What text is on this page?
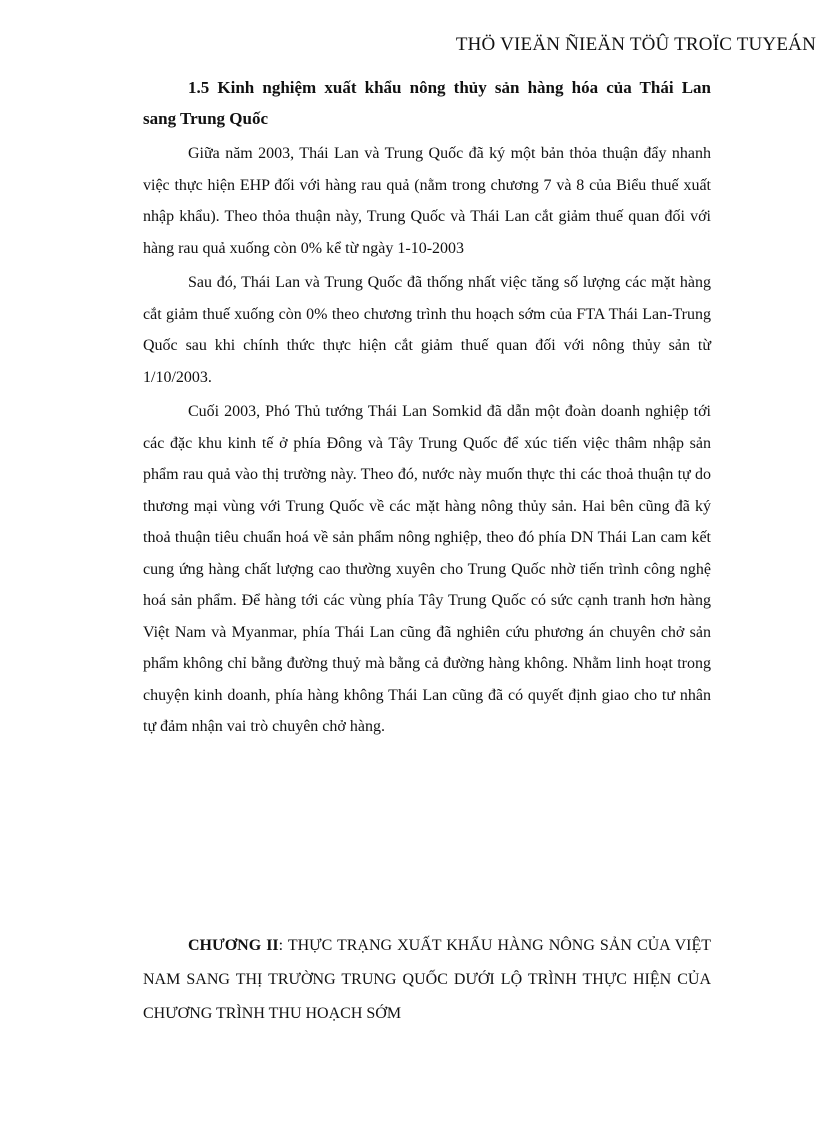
THÖ VIEÄN ÑIEÄN TÖÛ TROÏC TUYEÁN
1.5 Kinh nghiệm xuất khẩu nông thủy sản hàng hóa của Thái Lan
sang Trung Quốc

Giữa năm 2003, Thái Lan và Trung Quốc đã ký một bản thỏa thuận đẩy nhanh việc thực hiện EHP đối với hàng rau quả (nằm trong chương 7 và 8 của Biểu thuế xuất nhập khẩu). Theo thỏa thuận này, Trung Quốc và Thái Lan cắt giảm thuế quan đối với hàng rau quả xuống còn 0% kể từ ngày 1-10-2003

Sau đó, Thái Lan và Trung Quốc đã thống nhất việc tăng số lượng các mặt hàng cắt giảm thuế xuống còn 0% theo chương trình thu hoạch sớm của FTA Thái Lan-Trung Quốc sau khi chính thức thực hiện cắt giảm thuế quan đối với nông thủy sản từ 1/10/2003.

Cuối 2003, Phó Thủ tướng Thái Lan Somkid đã dẫn một đoàn doanh nghiệp tới các đặc khu kinh tế ở phía Đông và Tây Trung Quốc để xúc tiến việc thâm nhập sản phẩm rau quả vào thị trường này. Theo đó, nước này muốn thực thi các thoả thuận tự do thương mại vùng với Trung Quốc về các mặt hàng nông thủy sản. Hai bên cũng đã ký thoả thuận tiêu chuẩn hoá về sản phẩm nông nghiệp, theo đó phía DN Thái Lan cam kết cung ứng hàng chất lượng cao thường xuyên cho Trung Quốc nhờ tiến trình công nghệ hoá sản phẩm. Để hàng tới các vùng phía Tây Trung Quốc có sức cạnh tranh hơn hàng Việt Nam và Myanmar, phía Thái Lan cũng đã nghiên cứu phương án chuyên chở sản phẩm không chỉ bằng đường thuỷ mà bằng cả đường hàng không. Nhằm linh hoạt trong chuyện kinh doanh, phía hàng không Thái Lan cũng đã có quyết định giao cho tư nhân tự đảm nhận vai trò chuyên chở hàng.

CHƯƠNG II: THỰC TRẠNG XUẤT KHẨU HÀNG NÔNG SẢN CỦA VIỆT NAM SANG THỊ TRƯỜNG TRUNG QUỐC DƯỚI LỘ TRÌNH THỰC HIỆN CỦA CHƯƠNG TRÌNH THU HOẠCH SỚM
